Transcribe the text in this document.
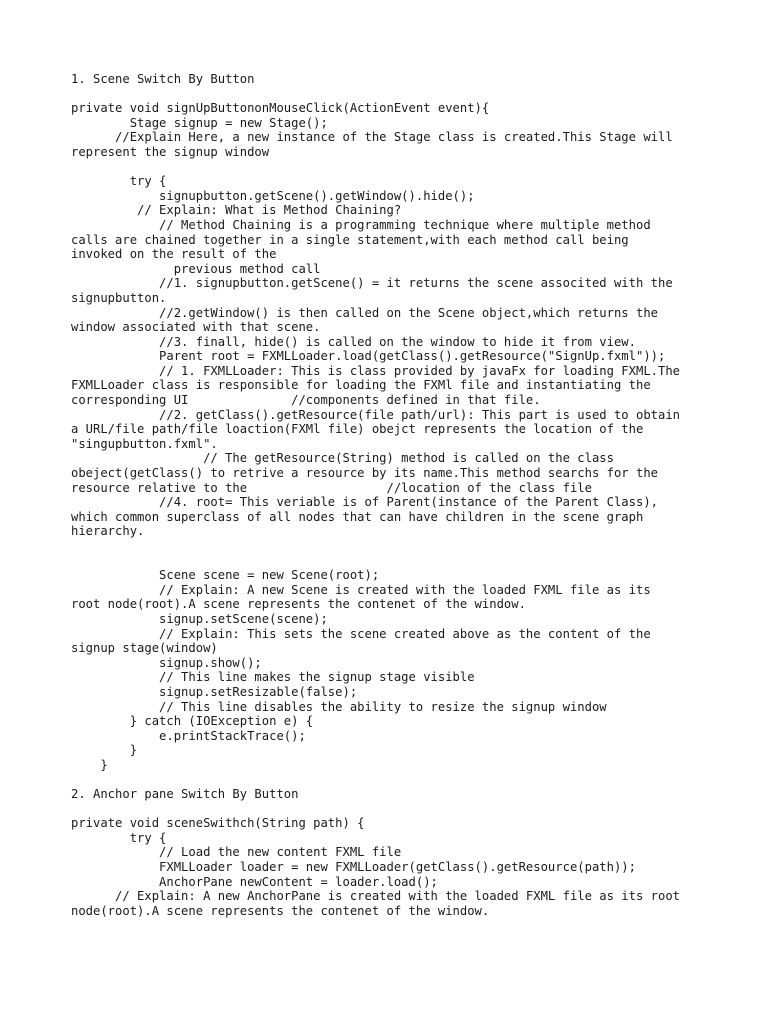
1. Scene Switch By Button
private void signUpButtononMouseClick(ActionEvent event){
Stage signup = new Stage();
//Explain Here, a new instance of the Stage class is created.This Stage will
represent the signup window
try {
signupbutton.getScene().getWindow().hide();
// Explain: What is Method Chaining?
// Method Chaining is a programming technique where multiple method
calls are chained together in a single statement,with each method call being
invoked on the result of the
previous method call
//1. signupbutton.getScene() = it returns the scene associted with the
signupbutton.
//2.getWindow() is then called on the Scene object,which returns the
window associated with that scene.
//3. finall, hide() is called on the window to hide it from view.
Parent root = FXMLLoader.load(getClass().getResource("SignUp.fxml"));
// 1. FXMLLoader: This is class provided by javaFx for loading FXML.The
FXMLLoader class is responsible for loading the FXMl file and instantiating the
corresponding UI              //components defined in that file.
//2. getClass().getResource(file path/url): This part is used to obtain
a URL/file path/file loaction(FXMl file) obejct represents the location of the
"singupbutton.fxml".
// The getResource(String) method is called on the class
obeject(getClass() to retrive a resource by its name.This method searchs for the
resource relative to the                   //location of the class file
//4. root= This veriable is of Parent(instance of the Parent Class),
which common superclass of all nodes that can have children in the scene graph
hierarchy.
Scene scene = new Scene(root);
// Explain: A new Scene is created with the loaded FXML file as its
root node(root).A scene represents the contenet of the window.
signup.setScene(scene);
// Explain: This sets the scene created above as the content of the
signup stage(window)
signup.show();
// This line makes the signup stage visible
signup.setResizable(false);
// This line disables the ability to resize the signup window
} catch (IOException e) {
e.printStackTrace();
}
}
2. Anchor pane Switch By Button
private void sceneSwithch(String path) {
try {
// Load the new content FXML file
FXMLLoader loader = new FXMLLoader(getClass().getResource(path));
AnchorPane newContent = loader.load();
// Explain: A new AnchorPane is created with the loaded FXML file as its root
node(root).A scene represents the contenet of the window.
